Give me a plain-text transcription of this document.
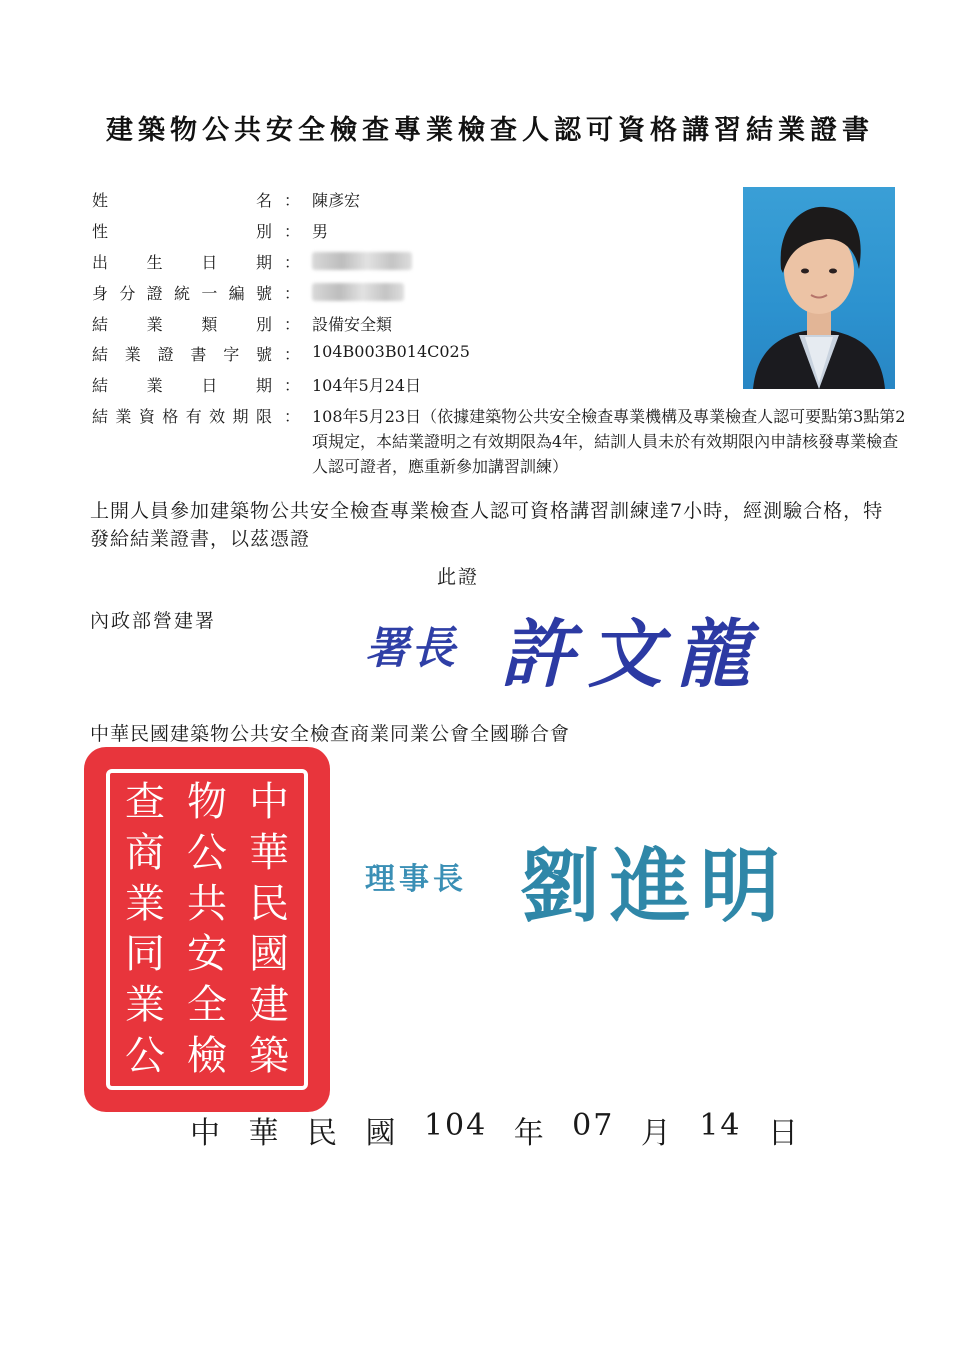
建築物公共安全檢查專業檢查人認可資格講習結業證書
姓	名 ： 陳彥宏
性	別 ： 男
出 生 日 期 ：
身 分 證 統 一 編 號 ：
結 業 類 別 ： 設備安全類
結 業 證 書 字 號 ： 104B003B014C025
結 業 日 期 ： 104年5月24日
結 業 資 格 有 效 期 限 ： 108年5月23日（依據建築物公共安全檢查專業機構及專業檢查人認可要點第3點第2項規定，本結業證明之有效期限為4年，結訓人員未於有效期限內申請核發專業檢查人認可證者，應重新參加講習訓練）
上開人員參加建築物公共安全檢查專業檢查人認可資格講習訓練達7小時，經測驗合格，特發給結業證書，以茲憑證
此證
內政部營建署
署長 許文龍
中華民國建築物公共安全檢查商業同業公會全國聯合會
查 物 中
商 公 華
業 共 民
同 安 國
業 全 建
公 檢 築
理事長 劉進明
中 華 民 國 104 年 07 月 14 日
